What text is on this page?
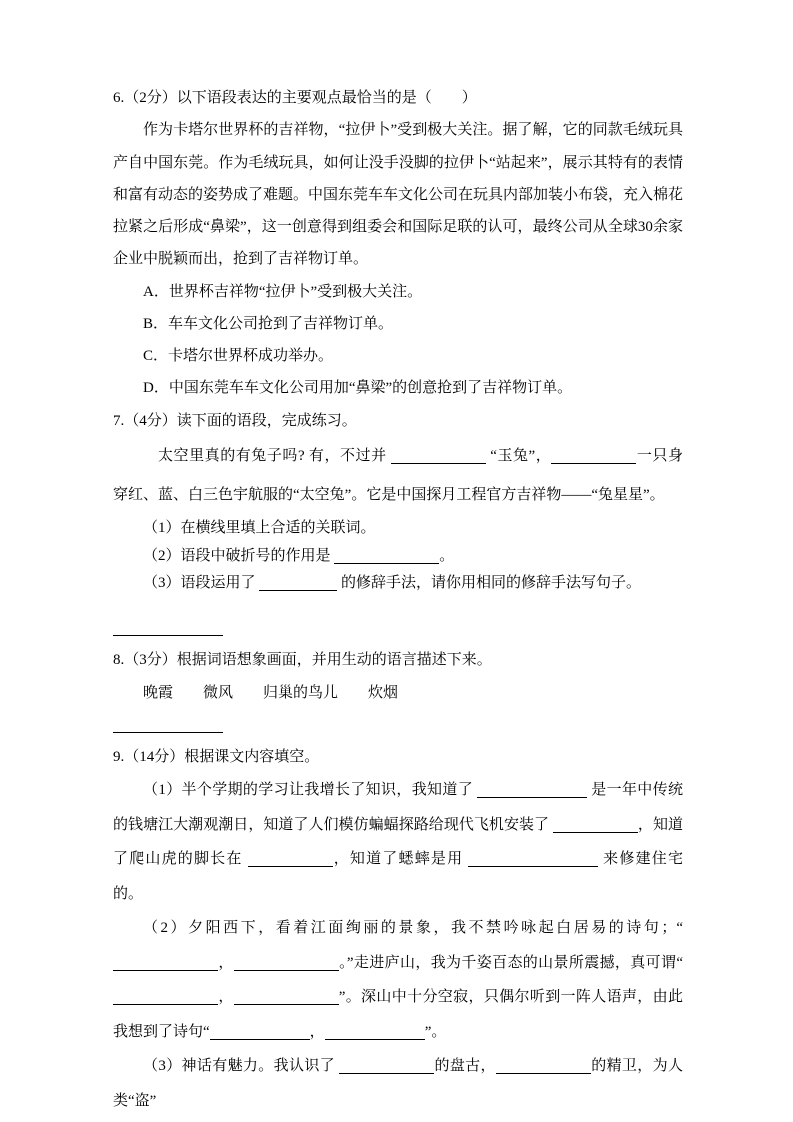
6.（2分）以下语段表达的主要观点最恰当的是（　　）

作为卡塔尔世界杯的吉祥物，“拉伊卜”受到极大关注。据了解，它的同款毛绒玩具产自中国东莞。作为毛绒玩具，如何让没手没脚的拉伊卜“站起来”，展示其特有的表情和富有动态的姿势成了难题。中国东莞车车文化公司在玩具内部加装小布袋，充入棉花拉紧之后形成“鼻梁”，这一创意得到组委会和国际足联的认可，最终公司从全球30余家企业中脱颖而出，抢到了吉祥物订单。

A．世界杯吉祥物“拉伊卜”受到极大关注。

B．车车文化公司抢到了吉祥物订单。

C．卡塔尔世界杯成功举办。

D．中国东莞车车文化公司用加“鼻梁”的创意抢到了吉祥物订单。

7.（4分）读下面的语段，完成练习。

太空里真的有兔子吗? 有，不过并	“玉兔”，	一只身穿红、蓝、白三色宇航服的“太空兔”。它是中国探月工程官方吉祥物——“兔星星”。

（1）在横线里填上合适的关联词。

（2）语段中破折号的作用是	。

（3）语段运用了	的修辞手法，请你用相同的修辞手法写句子。

8.（3分）根据词语想象画面，并用生动的语言描述下来。

晚霞　　微风　　归巢的鸟儿　　炊烟

9.（14分）根据课文内容填空。

（1）半个学期的学习让我增长了知识，我知道了	是一年中传统的钱塘江大潮观潮日，知道了人们模仿蝙蝠探路给现代飞机安装了	，知道了爬山虎的脚长在	，知道了蟋蟀是用	来修建住宅的。

（2）夕阳西下，看着江面绚丽的景象，我不禁吟咏起白居易的诗句；“，	。”走进庐山，我为千姿百态的山景所震撼，真可谓“，	”。深山中十分空寂，只偶尔听到一阵人语声，由此我想到了诗句“	，	”。

（3）神话有魅力。我认识了	的盘古，	的精卫，为人类“盗”
